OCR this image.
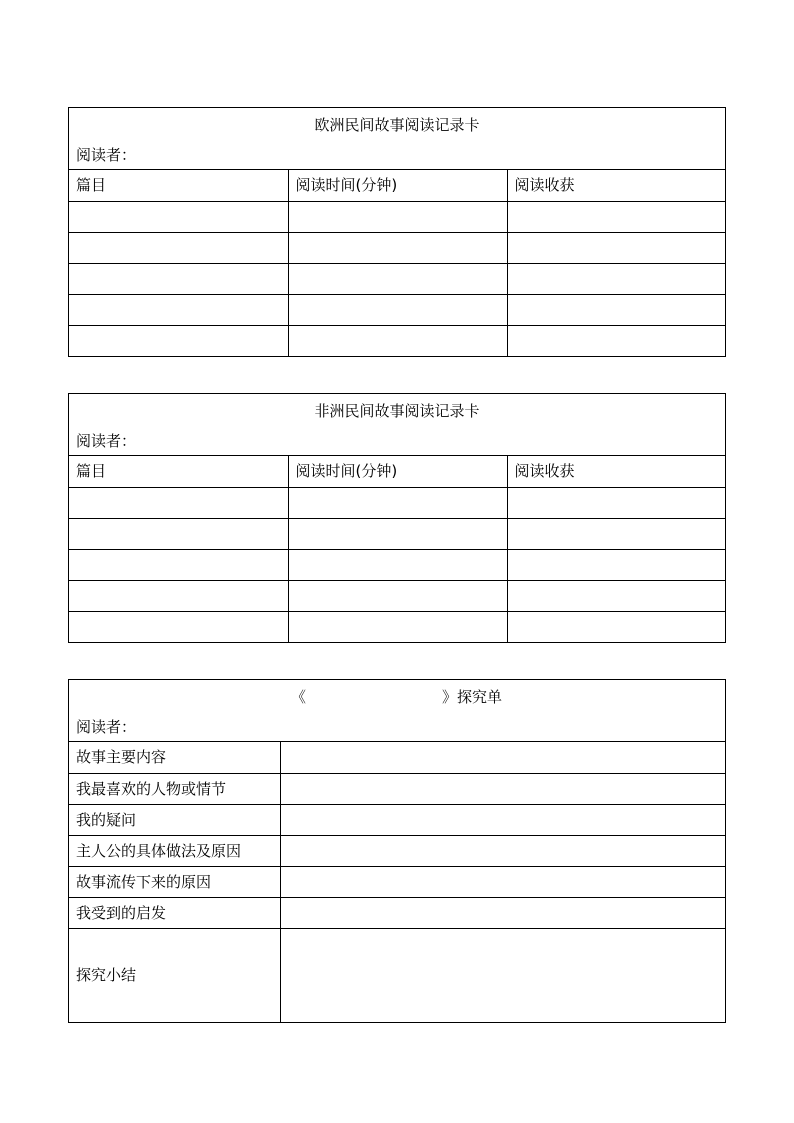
欧洲民间故事阅读记录卡
阅读者：
篇目	阅读时间(分钟)	阅读收获

非洲民间故事阅读记录卡
阅读者：
篇目	阅读时间(分钟)	阅读收获

《	》探究单
阅读者：
故事主要内容	
我最喜欢的人物或情节	
我的疑问	
主人公的具体做法及原因	
故事流传下来的原因	
我受到的启发	
探究小结	
